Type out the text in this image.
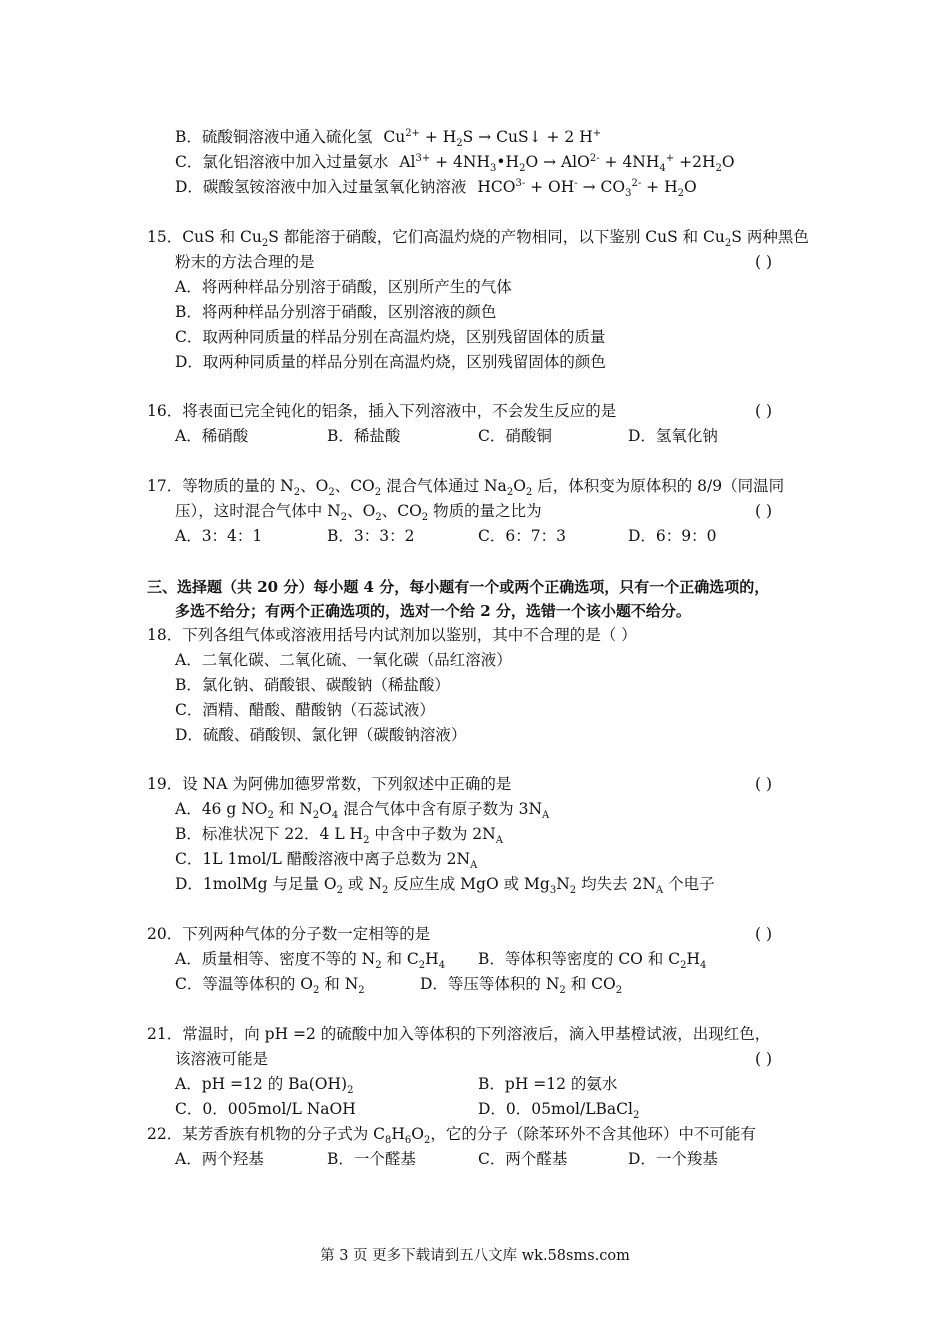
B．硫酸铜溶液中通入硫化氢 $Cu^{2+} + H_2S$ → CuS↓ + 2 H+
C．氯化铝溶液中加入过量氨水 $Al^{3+}$ + $4NH_3•H_2O \to AlO^{2-} + 4NH_4^+ +2H_2O$
D．碳酸氢铵溶液中加入过量氢氧化钠溶液 $HCO^{3-} + OH^- \to CO_3^{2-} + H_2O$
15．CuS 和 $Cu_2S$ 都能溶于硝酸，它们高温灼烧的产物相同，以下鉴别 CuS 和 $Cu_2S$ 两种黑色
粉末的方法合理的是	( )
A．将两种样品分别溶于硝酸，区别所产生的气体
B．将两种样品分别溶于硝酸，区别溶液的颜色
C．取两种同质量的样品分别在高温灼烧，区别残留固体的质量
D．取两种同质量的样品分别在高温灼烧，区别残留固体的颜色
16．将表面已完全钝化的铝条，插入下列溶液中，不会发生反应的是	( )
A．稀硝酸	B．稀盐酸	C．硝酸铜	D．氢氧化钠
17．等物质的量的 $N_2$、$O_2$、$CO_2$ 混合气体通过 $Na_2O_2$ 后，体积变为原体积的 8/9（同温同
压），这时混合气体中 $N_2$、$O_2$、$CO_2$ 物质的量之比为	( )
A．3：4：1	B．3：3：2	C．6：7：3	D．6：9：0
三、选择题（共 20 分）每小题 4 分，每小题有一个或两个正确选项，只有一个正确选项的，
多选不给分；有两个正确选项的，选对一个给 2 分，选错一个该小题不给分。
18．下列各组气体或溶液用括号内试剂加以鉴别，其中不合理的是（ ）
A．二氧化碳、二氧化硫、一氧化碳（品红溶液）
B．氯化钠、硝酸银、碳酸钠（稀盐酸）
C．酒精、醋酸、醋酸钠（石蕊试液）
D．硫酸、硝酸钡、氯化钾（碳酸钠溶液）
19．设 NA 为阿佛加德罗常数，下列叙述中正确的是	( )
A．46 g $NO_2$ 和 $N_2O_4$ 混合气体中含有原子数为 $3N_A$
B．标准状况下 22．4 L $H_2$ 中含中子数为 $2N_A$
C．1L 1mol/L 醋酸溶液中离子总数为 $2N_A$
D．1molMg 与足量 $O_2$ 或 $N_2$ 反应生成 MgO 或 $Mg_3N_2$ 均失去 $2N_A$ 个电子
20．下列两种气体的分子数一定相等的是	( )
A．质量相等、密度不等的 $N_2$ 和 $C_2H_4$ B．等体积等密度的 CO 和 $C_2H_4$
C．等温等体积的 $O_2$ 和 $N_2$	D．等压等体积的 $N_2$ 和 $CO_2$
21．常温时，向 pH =2 的硫酸中加入等体积的下列溶液后，滴入甲基橙试液，出现红色，
该溶液可能是	( )
A．pH =12 的 $Ba(OH)_2$	B．pH =12 的氨水
C．0．005mol/L NaOH	D．0．05mol/LBaCl$_2$
22．某芳香族有机物的分子式为 $C_8H_6O_2$，它的分子（除苯环外不含其他环）中不可能有
A．两个羟基	B．一个醛基	C．两个醛基	D．一个羧基
第 3 页 更多下载请到五八文库 wk.58sms.com
